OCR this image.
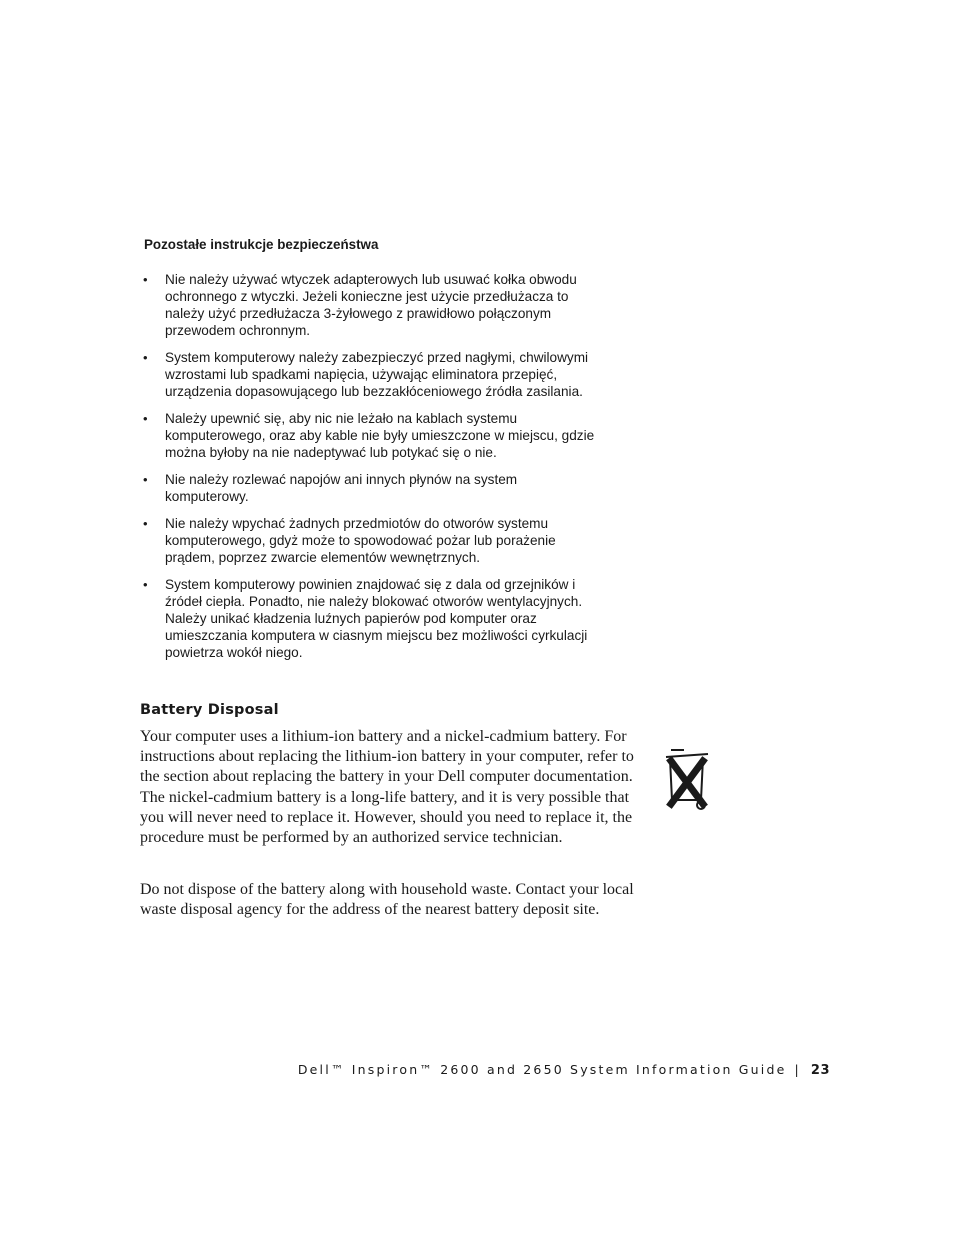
Pozostałe instrukcje bezpieczeństwa

• Nie należy używać wtyczek adapterowych lub usuwać kołka obwodu ochronnego z wtyczki. Jeżeli konieczne jest użycie przedłużacza to należy użyć przedłużacza 3-żyłowego z prawidłowo połączonym przewodem ochronnym.
• System komputerowy należy zabezpieczyć przed nagłymi, chwilowymi wzrostami lub spadkami napięcia, używając eliminatora przepięć, urządzenia dopasowującego lub bezzakłóceniowego źródła zasilania.
• Należy upewnić się, aby nic nie leżało na kablach systemu komputerowego, oraz aby kable nie były umieszczone w miejscu, gdzie można byłoby na nie nadeptywać lub potykać się o nie.
• Nie należy rozlewać napojów ani innych płynów na system komputerowy.
• Nie należy wpychać żadnych przedmiotów do otworów systemu komputerowego, gdyż może to spowodować pożar lub porażenie prądem, poprzez zwarcie elementów wewnętrznych.
• System komputerowy powinien znajdować się z dala od grzejników i źródeł ciepła. Ponadto, nie należy blokować otworów wentylacyjnych. Należy unikać kładzenia luźnych papierów pod komputer oraz umieszczania komputera w ciasnym miejscu bez możliwości cyrkulacji powietrza wokół niego.
Battery Disposal

Your computer uses a lithium-ion battery and a nickel-cadmium battery. For instructions about replacing the lithium-ion battery in your computer, refer to the section about replacing the battery in your Dell computer documentation. The nickel-cadmium battery is a long-life battery, and it is very possible that you will never need to replace it. However, should you need to replace it, the procedure must be performed by an authorized service technician.

Do not dispose of the battery along with household waste. Contact your local waste disposal agency for the address of the nearest battery deposit site.

Dell™ Inspiron™ 2600 and 2650 System Information Guide | 23
